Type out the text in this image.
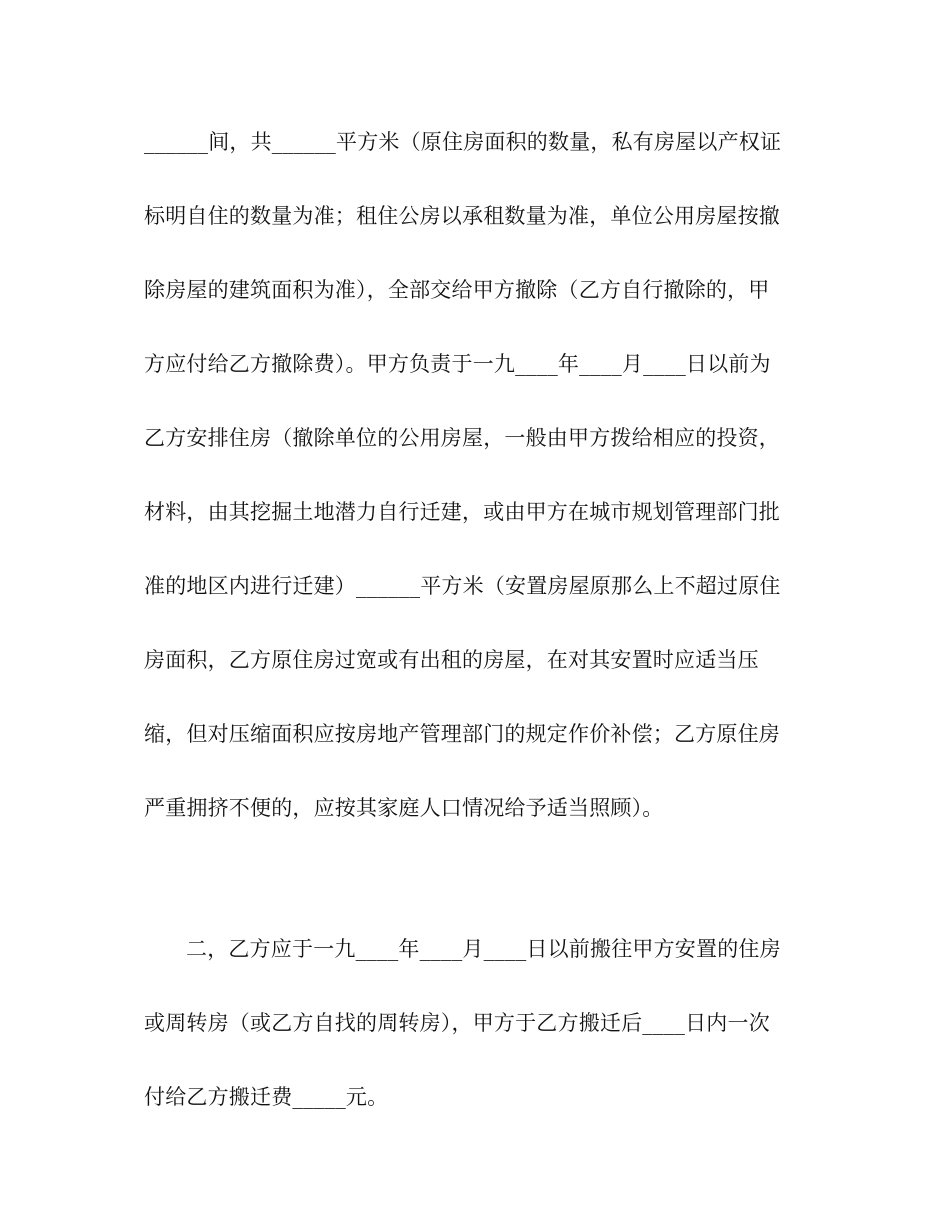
______间，共______平方米（原住房面积的数量，私有房屋以产权证
标明自住的数量为准；租住公房以承租数量为准，单位公用房屋按撤
除房屋的建筑面积为准），全部交给甲方撤除（乙方自行撤除的，甲
方应付给乙方撤除费）。甲方负责于一九____年____月____日以前为
乙方安排住房（撤除单位的公用房屋，一般由甲方拨给相应的投资，
材料，由其挖掘土地潜力自行迁建，或由甲方在城市规划管理部门批
准的地区内进行迁建）______平方米（安置房屋原那么上不超过原住
房面积，乙方原住房过宽或有出租的房屋，在对其安置时应适当压
缩，但对压缩面积应按房地产管理部门的规定作价补偿；乙方原住房
严重拥挤不便的，应按其家庭人口情况给予适当照顾）。
二，乙方应于一九____年____月____日以前搬往甲方安置的住房
或周转房（或乙方自找的周转房），甲方于乙方搬迁后____日内一次
付给乙方搬迁费_____元。
